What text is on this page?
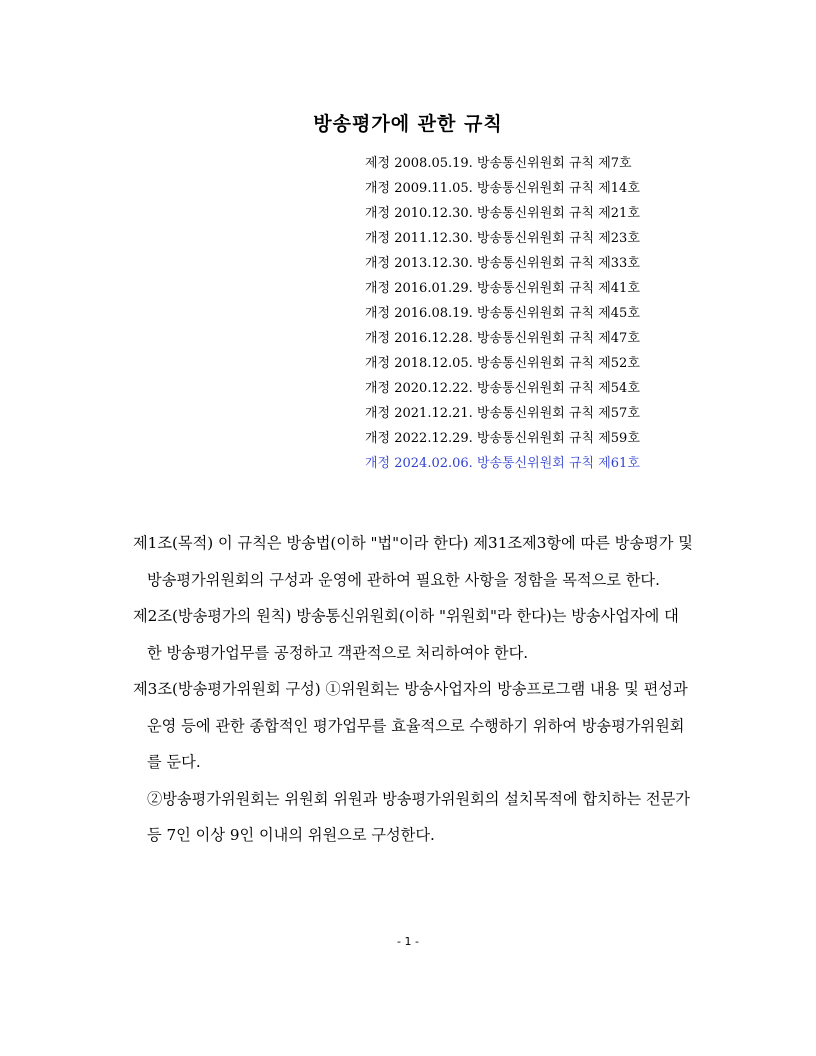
방송평가에 관한 규칙
제정 2008.05.19. 방송통신위원회 규칙 제7호
개정 2009.11.05. 방송통신위원회 규칙 제14호
개정 2010.12.30. 방송통신위원회 규칙 제21호
개정 2011.12.30. 방송통신위원회 규칙 제23호
개정 2013.12.30. 방송통신위원회 규칙 제33호
개정 2016.01.29. 방송통신위원회 규칙 제41호
개정 2016.08.19. 방송통신위원회 규칙 제45호
개정 2016.12.28. 방송통신위원회 규칙 제47호
개정 2018.12.05. 방송통신위원회 규칙 제52호
개정 2020.12.22. 방송통신위원회 규칙 제54호
개정 2021.12.21. 방송통신위원회 규칙 제57호
개정 2022.12.29. 방송통신위원회 규칙 제59호
개정 2024.02.06. 방송통신위원회 규칙 제61호

제1조(목적) 이 규칙은 방송법(이하 "법"이라 한다) 제31조제3항에 따른 방송평가 및 방송평가위원회의 구성과 운영에 관하여 필요한 사항을 정함을 목적으로 한다.

제2조(방송평가의 원칙) 방송통신위원회(이하 "위원회"라 한다)는 방송사업자에 대한 방송평가업무를 공정하고 객관적으로 처리하여야 한다.

제3조(방송평가위원회 구성) ①위원회는 방송사업자의 방송프로그램 내용 및 편성과 운영 등에 관한 종합적인 평가업무를 효율적으로 수행하기 위하여 방송평가위원회를 둔다.

②방송평가위원회는 위원회 위원과 방송평가위원회의 설치목적에 합치하는 전문가 등 7인 이상 9인 이내의 위원으로 구성한다.

- 1 -
